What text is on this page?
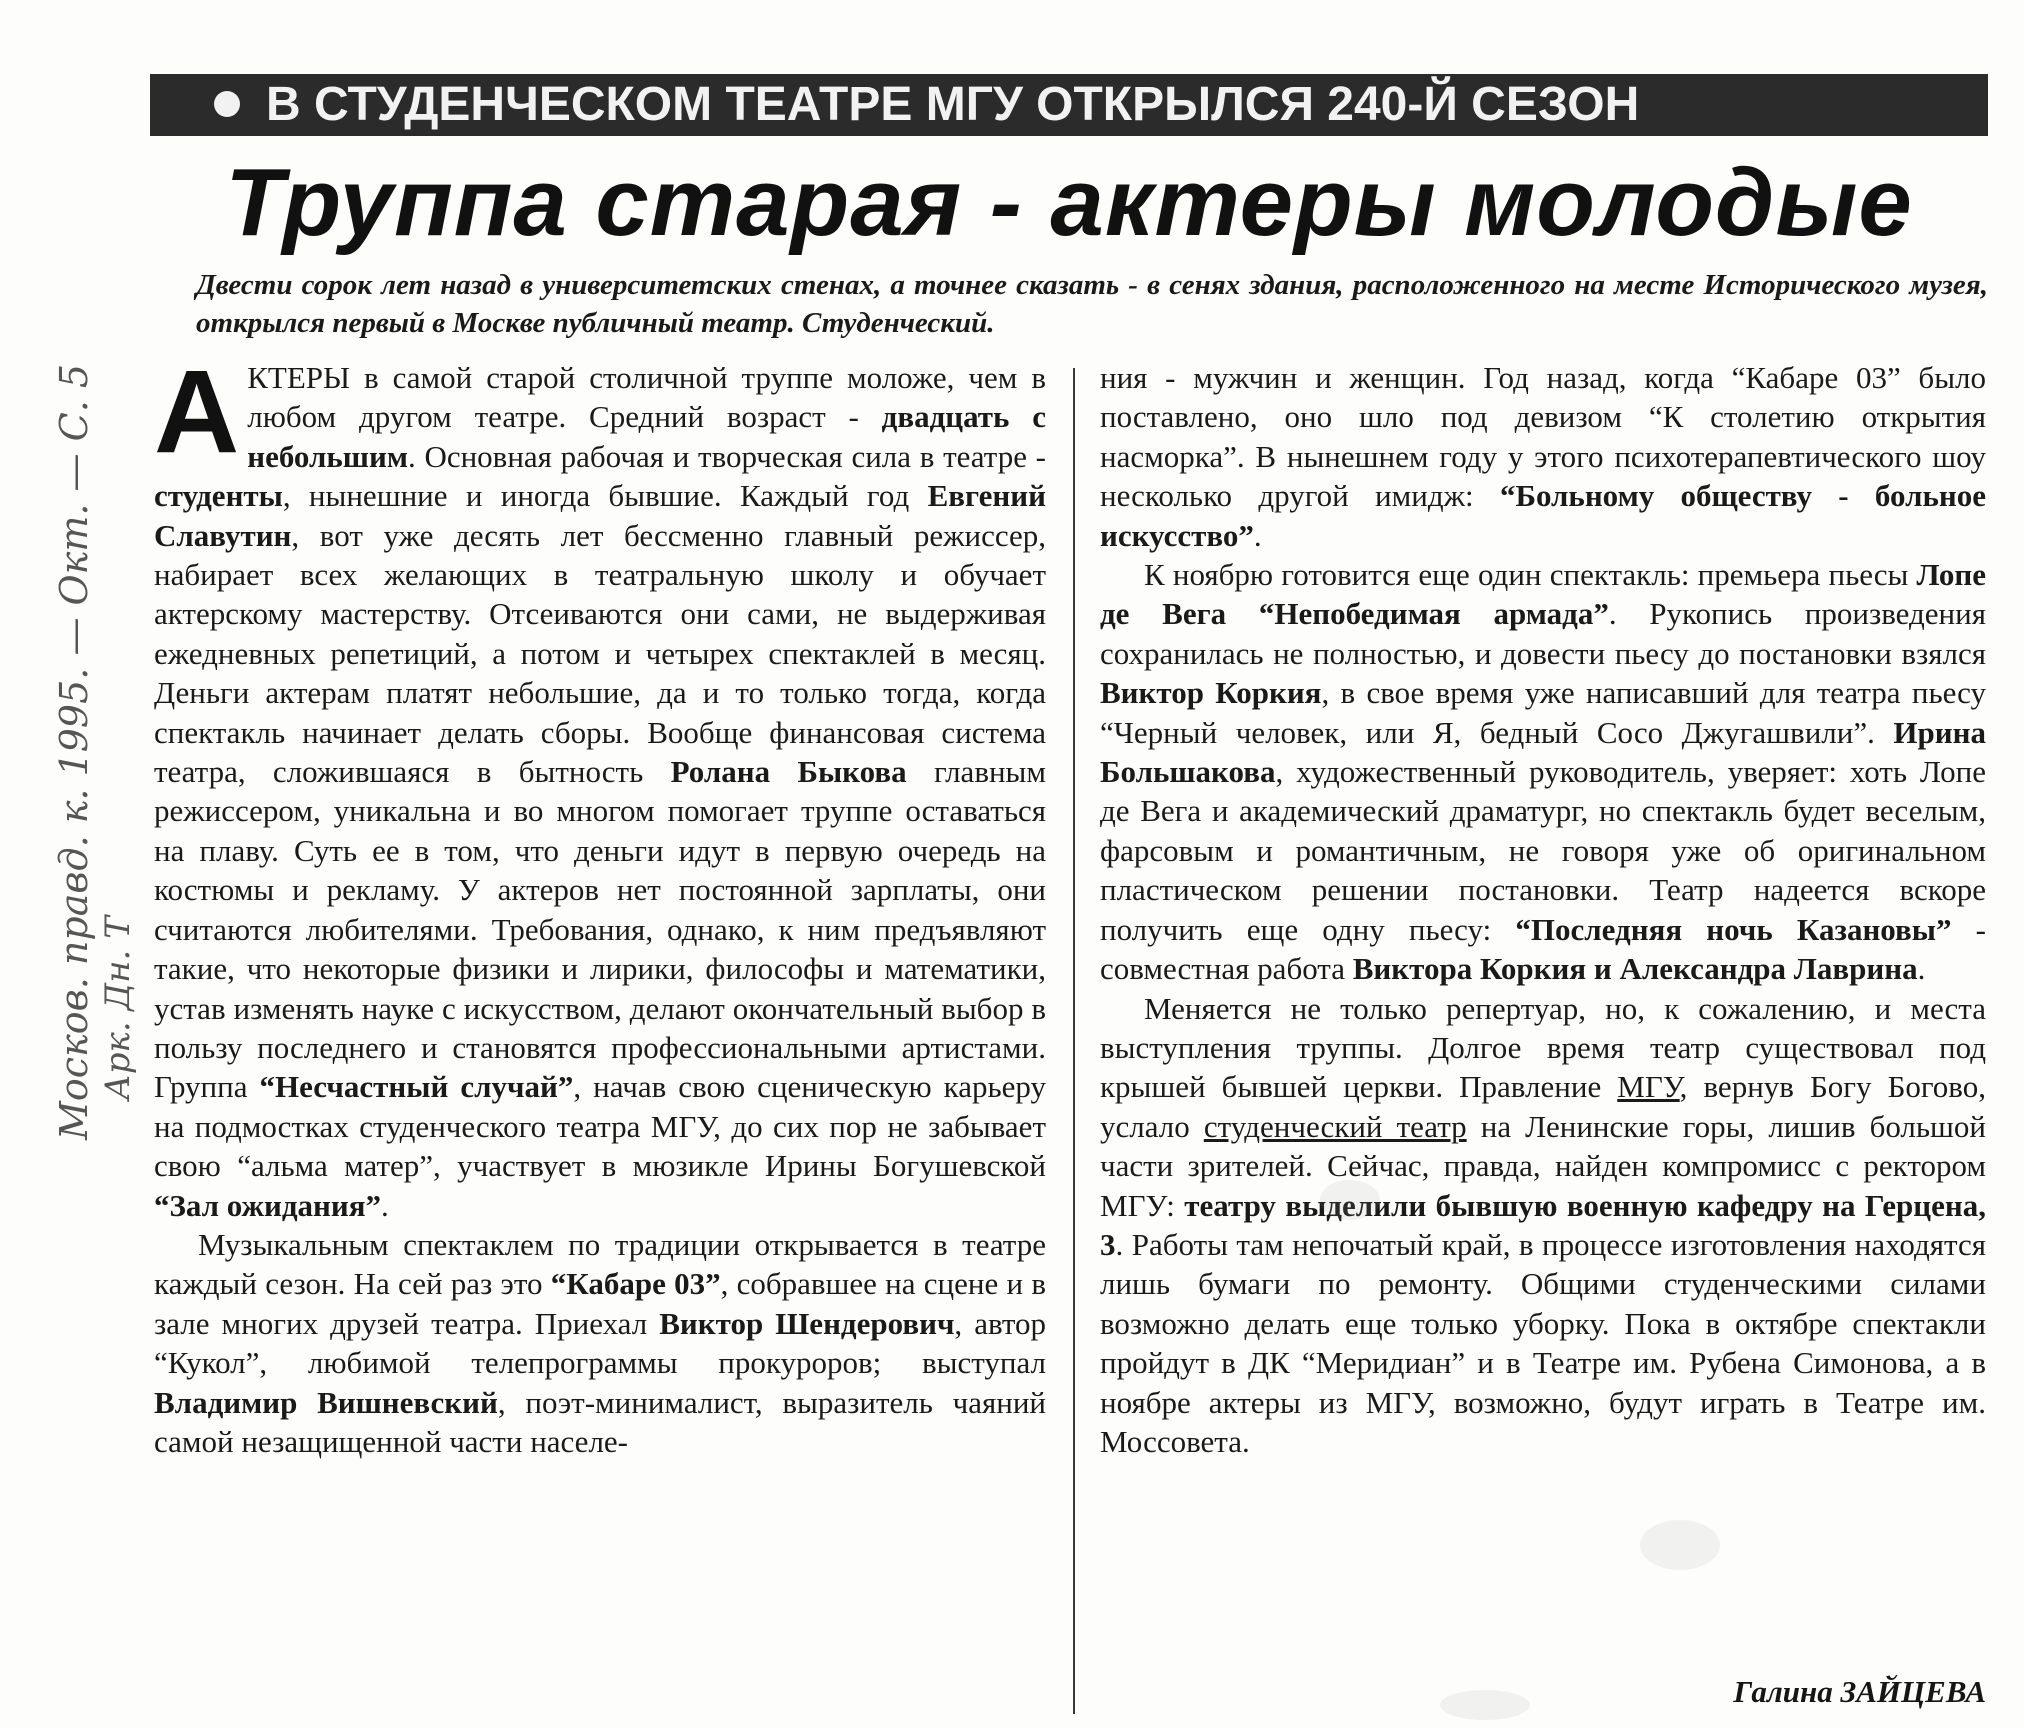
В СТУДЕНЧЕСКОМ ТЕАТРЕ МГУ ОТКРЫЛСЯ 240-Й СЕЗОН
Труппа старая - актеры молодые
Двести сорок лет назад в университетских стенах, а точнее сказать - в сенях здания, расположенного на месте Исторического музея, открылся первый в Москве публичный театр. Студенческий.
А КТЕРЫ в самой старой столичной труппе моложе, чем в любом другом театре. Средний возраст - двадцать с небольшим. Основная рабочая и творческая сила в театре - студенты, нынешние и иногда бывшие. Каждый год Евгений Славутин, вот уже десять лет бессменно главный режиссер, набирает всех желающих в театральную школу и обучает актерскому мастерству. Отсеиваются они сами, не выдерживая ежедневных репетиций, а потом и четырех спектаклей в месяц. Деньги актерам платят небольшие, да и то только тогда, когда спектакль начинает делать сборы. Вообще финансовая система театра, сложившаяся в бытность Ролана Быкова главным режиссером, уникальна и во многом помогает труппе оставаться на плаву. Суть ее в том, что деньги идут в первую очередь на костюмы и рекламу. У актеров нет постоянной зарплаты, они считаются любителями. Требования, однако, к ним предъявляют такие, что некоторые физики и лирики, философы и математики, устав изменять науке с искусством, делают окончательный выбор в пользу последнего и становятся профессиональными артистами. Группа “Несчастный случай”, начав свою сценическую карьеру на подмостках студенческого театра МГУ, до сих пор не забывает свою “альма матер”, участвует в мюзикле Ирины Богушевской “Зал ожидания”.

Музыкальным спектаклем по традиции открывается в театре каждый сезон. На сей раз это “Кабаре 03”, собравшее на сцене и в зале многих друзей театра. Приехал Виктор Шендерович, автор “Кукол”, любимой телепрограммы прокуроров; выступал Владимир Вишневский, поэт-минималист, выразитель чаяний самой незащищенной части населе-

ния - мужчин и женщин. Год назад, когда “Кабаре 03” было поставлено, оно шло под девизом “К столетию открытия насморка”. В нынешнем году у этого психотерапевтического шоу несколько другой имидж: “Больному обществу - больное искусство”.

К ноябрю готовится еще один спектакль: премьера пьесы Лопе де Вега “Непобедимая армада”. Рукопись произведения сохранилась не полностью, и довести пьесу до постановки взялся Виктор Коркия, в свое время уже написавший для театра пьесу “Черный человек, или Я, бедный Сосо Джугашвили”. Ирина Большакова, художественный руководитель, уверяет: хоть Лопе де Вега и академический драматург, но спектакль будет веселым, фарсовым и романтичным, не говоря уже об оригинальном пластическом решении постановки. Театр надеется вскоре получить еще одну пьесу: “Последняя ночь Казановы” - совместная работа Виктора Коркия и Александра Лаврина.

Меняется не только репертуар, но, к сожалению, и места выступления труппы. Долгое время театр существовал под крышей бывшей церкви. Правление МГУ, вернув Богу Богово, услало студенческий театр на Ленинские горы, лишив большой части зрителей. Сейчас, правда, найден компромисс с ректором МГУ: театру выделили бывшую военную кафедру на Герцена, 3. Работы там непочатый край, в процессе изготовления находятся лишь бумаги по ремонту. Общими студенческими силами возможно делать еще только уборку. Пока в октябре спектакли пройдут в ДК “Меридиан” и в Театре им. Рубена Симонова, а в ноябре актеры из МГУ, возможно, будут играть в Театре им. Моссовета.

Галина ЗАЙЦЕВА
Москов. правд. к. 1995. — Окт. — С. 5 Арк. Дн. Т
